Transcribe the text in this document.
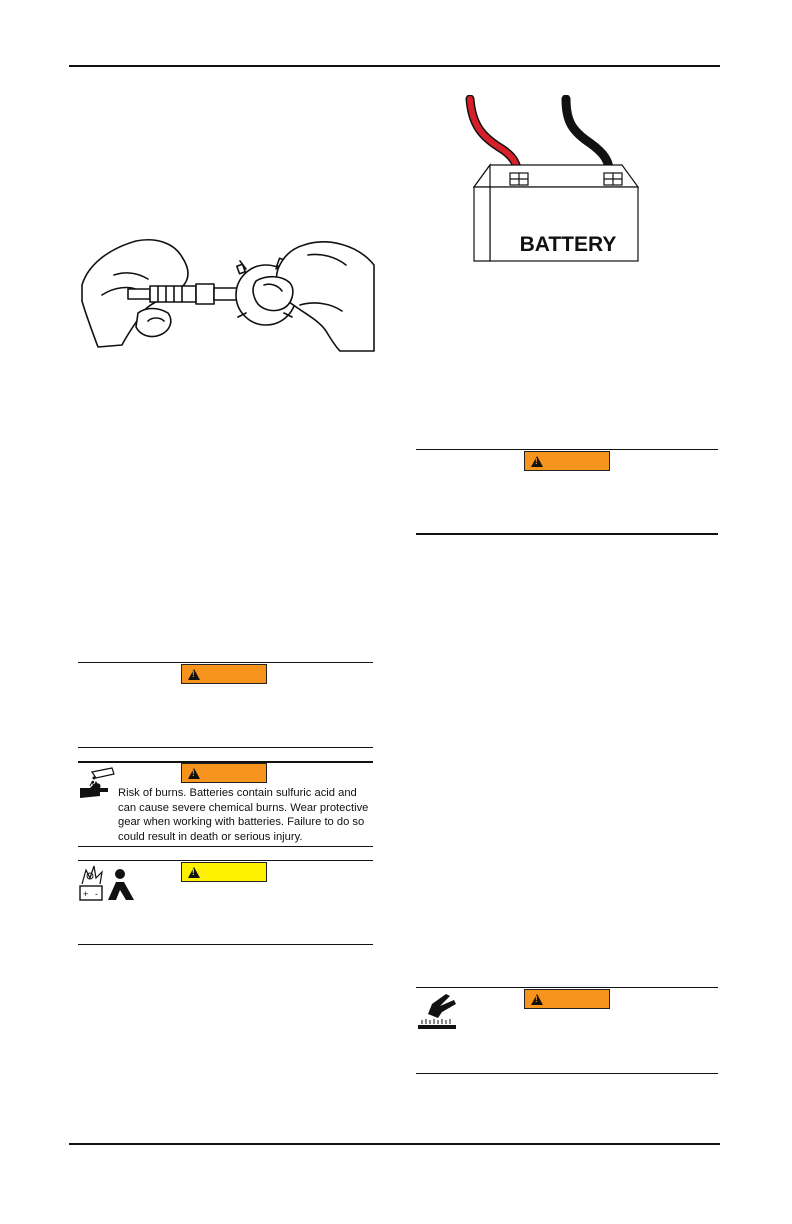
BATTERY
!
!
Risk of burns. Batteries contain sulfuric acid and can cause severe chemical burns. Wear protective gear when working with batteries. Failure to do so could result in death or serious injury.
!
+ -
!
!
